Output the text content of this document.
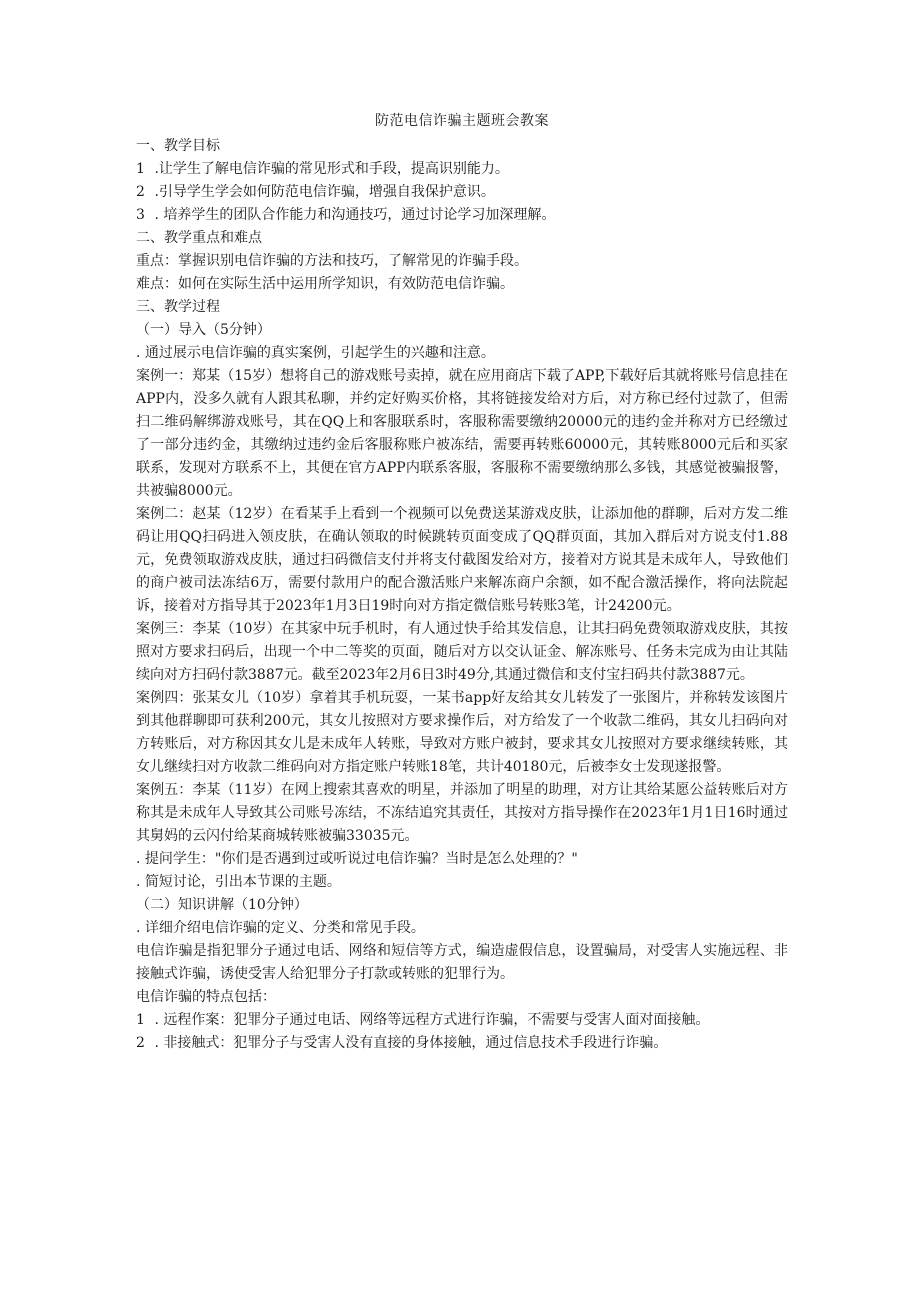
防范电信诈骗主题班会教案

一、教学目标

1 .让学生了解电信诈骗的常见形式和手段，提高识别能力。

2 .引导学生学会如何防范电信诈骗，增强自我保护意识。

3 . 培养学生的团队合作能力和沟通技巧，通过讨论学习加深理解。

二、教学重点和难点

重点：掌握识别电信诈骗的方法和技巧，了解常见的诈骗手段。

难点：如何在实际生活中运用所学知识，有效防范电信诈骗。

三、教学过程

（一）导入（5分钟）

. 通过展示电信诈骗的真实案例，引起学生的兴趣和注意。

案例一：郑某（15岁）想将自己的游戏账号卖掉，就在应用商店下载了APP,下载好后其就将账号信息挂在APP内，没多久就有人跟其私聊，并约定好购买价格，其将链接发给对方后，对方称已经付过款了，但需扫二维码解绑游戏账号，其在QQ上和客服联系时，客服称需要缴纳20000元的违约金并称对方已经缴过了一部分违约金，其缴纳过违约金后客服称账户被冻结，需要再转账60000元，其转账8000元后和买家联系，发现对方联系不上，其便在官方APP内联系客服，客服称不需要缴纳那么多钱，其感觉被骗报警，共被骗8000元。

案例二：赵某（12岁）在看某手上看到一个视频可以免费送某游戏皮肤，让添加他的群聊，后对方发二维码让用QQ扫码进入领皮肤，在确认领取的时候跳转页面变成了QQ群页面，其加入群后对方说支付1.88元，免费领取游戏皮肤，通过扫码微信支付并将支付截图发给对方，接着对方说其是未成年人，导致他们的商户被司法冻结6万，需要付款用户的配合激活账户来解冻商户余额，如不配合激活操作，将向法院起诉，接着对方指导其于2023年1月3日19时向对方指定微信账号转账3笔，计24200元。

案例三：李某（10岁）在其家中玩手机时，有人通过快手给其发信息，让其扫码免费领取游戏皮肤，其按照对方要求扫码后，出现一个中二等奖的页面，随后对方以交认证金、解冻账号、任务未完成为由让其陆续向对方扫码付款3887元。截至2023年2月6日3时49分,其通过微信和支付宝扫码共付款3887元。

案例四：张某女儿（10岁）拿着其手机玩耍，一某书app好友给其女儿转发了一张图片，并称转发该图片到其他群聊即可获利200元，其女儿按照对方要求操作后，对方给发了一个收款二维码，其女儿扫码向对方转账后，对方称因其女儿是未成年人转账，导致对方账户被封，要求其女儿按照对方要求继续转账，其女儿继续扫对方收款二维码向对方指定账户转账18笔，共计40180元，后被李女士发现遂报警。

案例五：李某（11岁）在网上搜索其喜欢的明星，并添加了明星的助理，对方让其给某愿公益转账后对方称其是未成年人导致其公司账号冻结，不冻结追究其责任，其按对方指导操作在2023年1月1日16时通过其舅妈的云闪付给某商城转账被骗33035元。

. 提问学生："你们是否遇到过或听说过电信诈骗？当时是怎么处理的？"

. 简短讨论，引出本节课的主题。

（二）知识讲解（10分钟）

. 详细介绍电信诈骗的定义、分类和常见手段。

电信诈骗是指犯罪分子通过电话、网络和短信等方式，编造虚假信息，设置骗局，对受害人实施远程、非接触式诈骗，诱使受害人给犯罪分子打款或转账的犯罪行为。

电信诈骗的特点包括：

1 . 远程作案：犯罪分子通过电话、网络等远程方式进行诈骗，不需要与受害人面对面接触。

2 . 非接触式：犯罪分子与受害人没有直接的身体接触，通过信息技术手段进行诈骗。
